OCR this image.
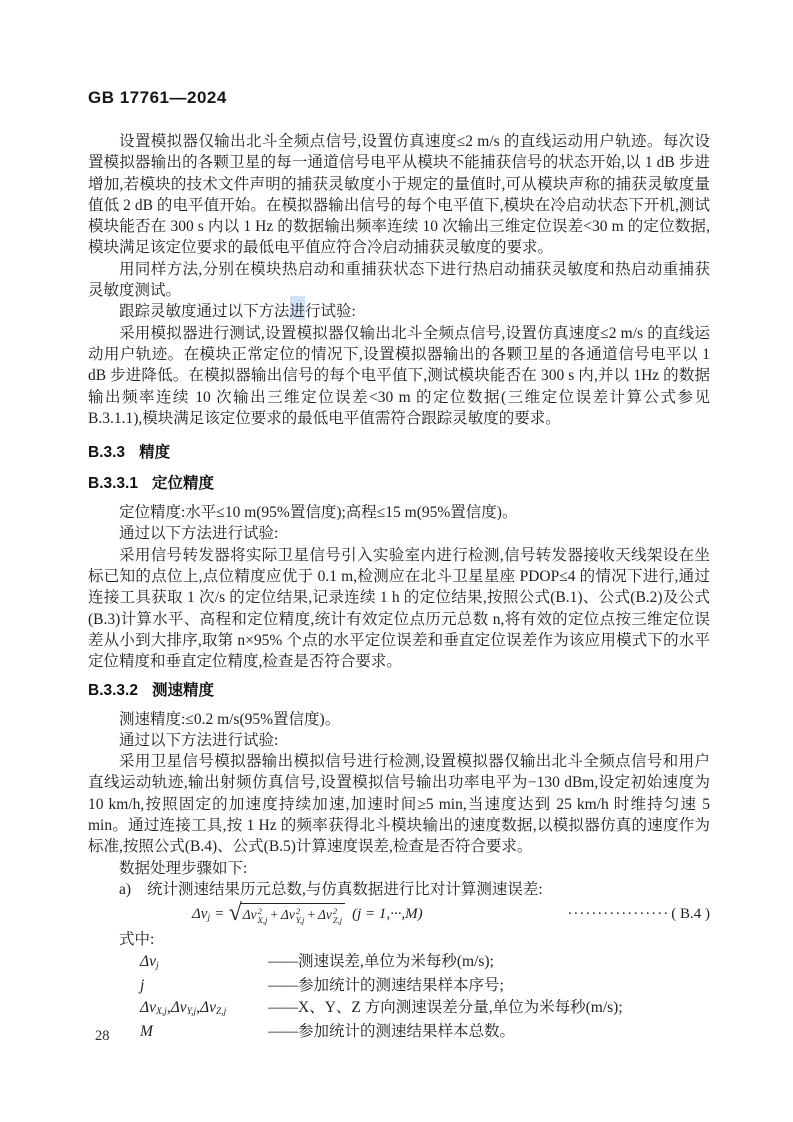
GB 17761—2024

设置模拟器仅输出北斗全频点信号,设置仿真速度≤2 m/s 的直线运动用户轨迹。每次设置模拟器输出的各颗卫星的每一通道信号电平从模块不能捕获信号的状态开始,以 1 dB 步进增加,若模块的技术文件声明的捕获灵敏度小于规定的量值时,可从模块声称的捕获灵敏度量值低 2 dB 的电平值开始。在模拟器输出信号的每个电平值下,模块在冷启动状态下开机,测试模块能否在 300 s 内以 1 Hz 的数据输出频率连续 10 次输出三维定位误差<30 m 的定位数据,模块满足该定位要求的最低电平值应符合冷启动捕获灵敏度的要求。

用同样方法,分别在模块热启动和重捕获状态下进行热启动捕获灵敏度和热启动重捕获灵敏度测试。

跟踪灵敏度通过以下方法进行试验:

采用模拟器进行测试,设置模拟器仅输出北斗全频点信号,设置仿真速度≤2 m/s 的直线运动用户轨迹。在模块正常定位的情况下,设置模拟器输出的各颗卫星的各通道信号电平以 1 dB 步进降低。在模拟器输出信号的每个电平值下,测试模块能否在 300 s 内,并以 1Hz 的数据输出频率连续 10 次输出三维定位误差<30 m 的定位数据(三维定位误差计算公式参见 B.3.1.1),模块满足该定位要求的最低电平值需符合跟踪灵敏度的要求。

B.3.3 精度
B.3.3.1 定位精度

定位精度:水平≤10 m(95%置信度);高程≤15 m(95%置信度)。

通过以下方法进行试验:

采用信号转发器将实际卫星信号引入实验室内进行检测,信号转发器接收天线架设在坐标已知的点位上,点位精度应优于 0.1 m,检测应在北斗卫星星座 PDOP≤4 的情况下进行,通过连接工具获取 1 次/s 的定位结果,记录连续 1 h 的定位结果,按照公式(B.1)、公式(B.2)及公式(B.3)计算水平、高程和定位精度,统计有效定位点历元总数 n,将有效的定位点按三维定位误差从小到大排序,取第 n×95% 个点的水平定位误差和垂直定位误差作为该应用模式下的水平定位精度和垂直定位精度,检查是否符合要求。

B.3.3.2 测速精度

测速精度:≤0.2 m/s(95%置信度)。

通过以下方法进行试验:

采用卫星信号模拟器输出模拟信号进行检测,设置模拟器仅输出北斗全频点信号和用户直线运动轨迹,输出射频仿真信号,设置模拟信号输出功率电平为−130 dBm,设定初始速度为 10 km/h,按照固定的加速度持续加速,加速时间≥5 min,当速度达到 25 km/h 时维持匀速 5 min。通过连接工具,按 1 Hz 的频率获得北斗模块输出的速度数据,以模拟器仿真的速度作为标准,按照公式(B.4)、公式(B.5)计算速度误差,检查是否符合要求。

数据处理步骤如下:

a) 统计测速结果历元总数,与仿真数据进行比对计算测速误差:
Δv j = √ Δv 2
X,j + Δv 2
Y,j + Δv 2
Z,j (j = 1,···,M)	················· ( B.4 )

式中:

$\Delta v_j$	—— 测速误差,单位为米每秒(m/s);
j	—— 参加统计的测速结果样本序号;
$\Delta v_{X,j},\Delta v_{Y,j},\Delta v_{Z,j}$	—— X、Y、Z 方向测速误差分量,单位为米每秒(m/s);
M	—— 参加统计的测速结果样本总数。
28
